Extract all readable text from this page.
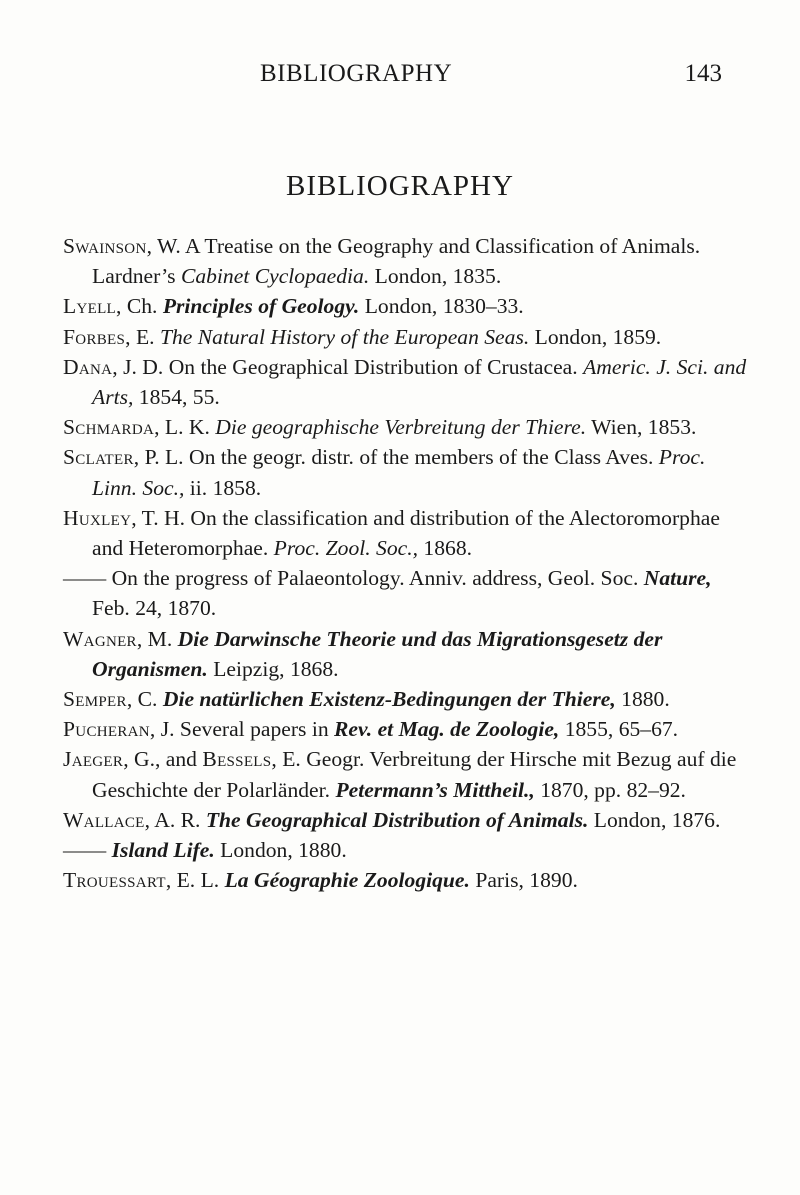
BIBLIOGRAPHY	143
BIBLIOGRAPHY

Swainson, W. A Treatise on the Geography and Classification of Animals. Lardner’s Cabinet Cyclopaedia. London, 1835.

Lyell, Ch. Principles of Geology. London, 1830–33.

Forbes, E. The Natural History of the European Seas. London, 1859.

Dana, J. D. On the Geographical Distribution of Crustacea. Americ. J. Sci. and Arts, 1854, 55.

Schmarda, L. K. Die geographische Verbreitung der Thiere. Wien, 1853.

Sclater, P. L. On the geogr. distr. of the members of the Class Aves. Proc. Linn. Soc., ii. 1858.

Huxley, T. H. On the classification and distribution of the Alectoromorphae and Heteromorphae. Proc. Zool. Soc., 1868.

—— On the progress of Palaeontology. Anniv. address, Geol. Soc. Nature, Feb. 24, 1870.

Wagner, M. Die Darwinsche Theorie und das Migrationsgesetz der Organismen. Leipzig, 1868.

Semper, C. Die natürlichen Existenz-Bedingungen der Thiere, 1880.

Pucheran, J. Several papers in Rev. et Mag. de Zoologie, 1855, 65–67.

Jaeger, G., and Bessels, E. Geogr. Verbreitung der Hirsche mit Bezug auf die Geschichte der Polarländer. Petermann’s Mittheil., 1870, pp. 82–92.

Wallace, A. R. The Geographical Distribution of Animals. London, 1876.

—— Island Life. London, 1880.

Trouessart, E. L. La Géographie Zoologique. Paris, 1890.
